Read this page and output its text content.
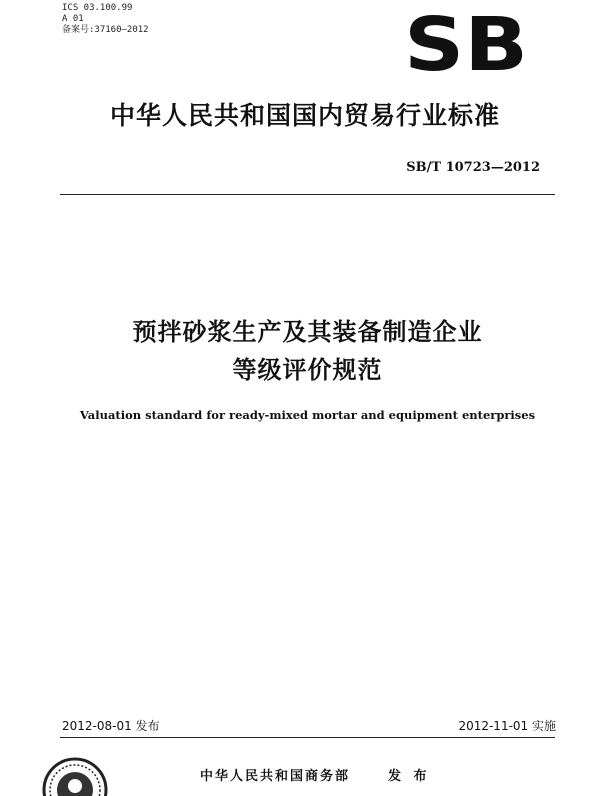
ICS 03.100.99
A 01
备案号:37160—2012	SB
中华人民共和国国内贸易行业标准
SB/T 10723—2012
预拌砂浆生产及其装备制造企业
等级评价规范
Valuation standard for ready-mixed mortar and equipment enterprises
2012-08-01 发布	2012-11-01 实施
中华人民共和国商务部	发 布
